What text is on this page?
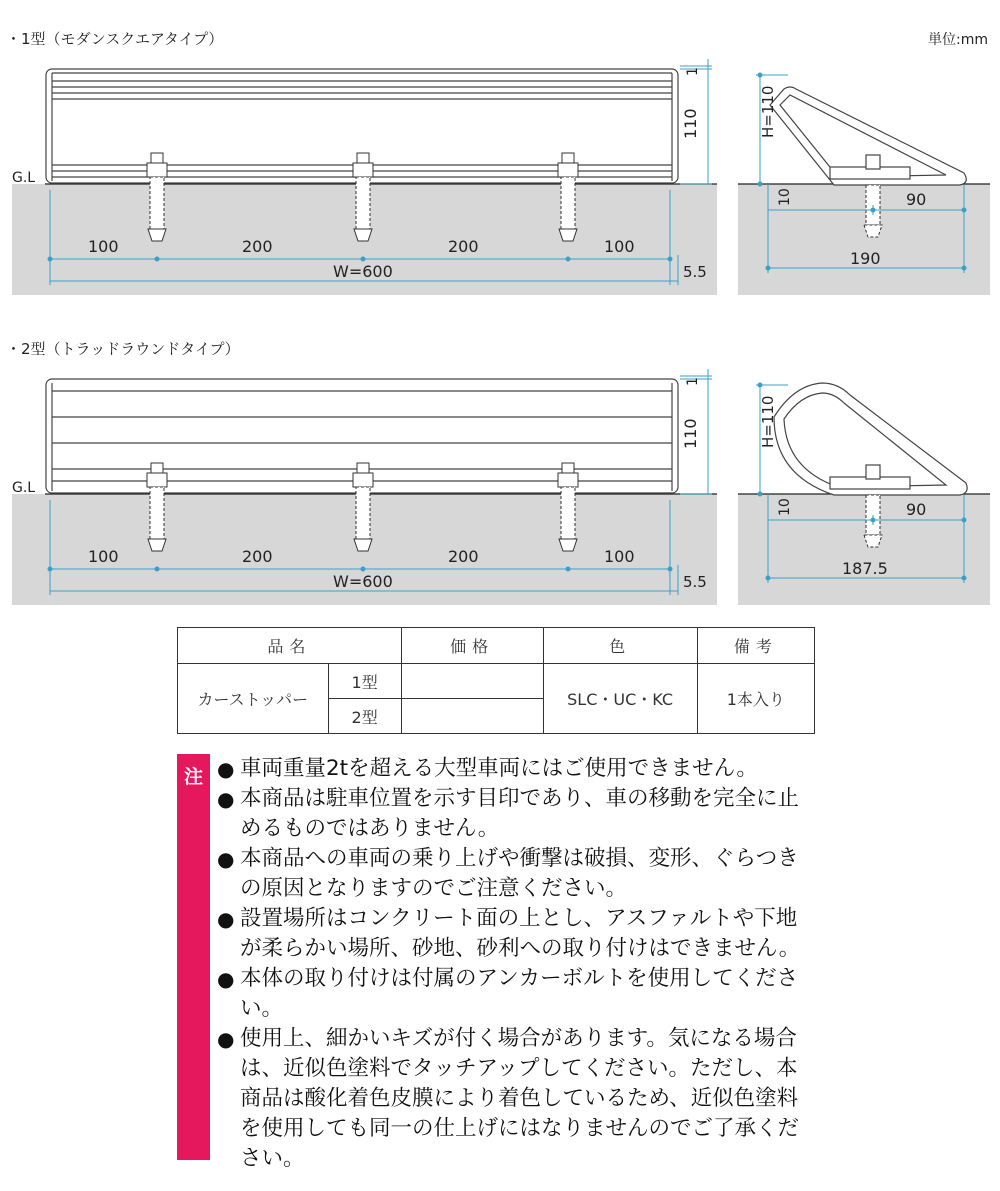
・1型（モダンスクエアタイプ）	単位:mm
・2型（トラッドラウンドタイプ）
G.L
1
110
100	200	200	100
W=600	5.5
H=110
10	90
190
G.L
1
110
100	200	200	100
W=600	5.5
H=110
10	90
187.5
品名		価格	色	備考
カーストッパー	1型		SLC・UC・KC	1本入り
	2型			
注	● 車両重量2tを超える大型車両にはご使用できません。
● 本商品は駐車位置を示す目印であり、車の移動を完全に止めるものではありません。
● 本商品への車両の乗り上げや衝撃は破損、変形、ぐらつきの原因となりますのでご注意ください。
● 設置場所はコンクリート面の上とし、アスファルトや下地が柔らかい場所、砂地、砂利への取り付けはできません。
● 本体の取り付けは付属のアンカーボルトを使用してください。
● 使用上、細かいキズが付く場合があります。気になる場合は、近似色塗料でタッチアップしてください。ただし、本商品は酸化着色皮膜により着色しているため、近似色塗料を使用しても同一の仕上げにはなりませんのでご了承ください。
